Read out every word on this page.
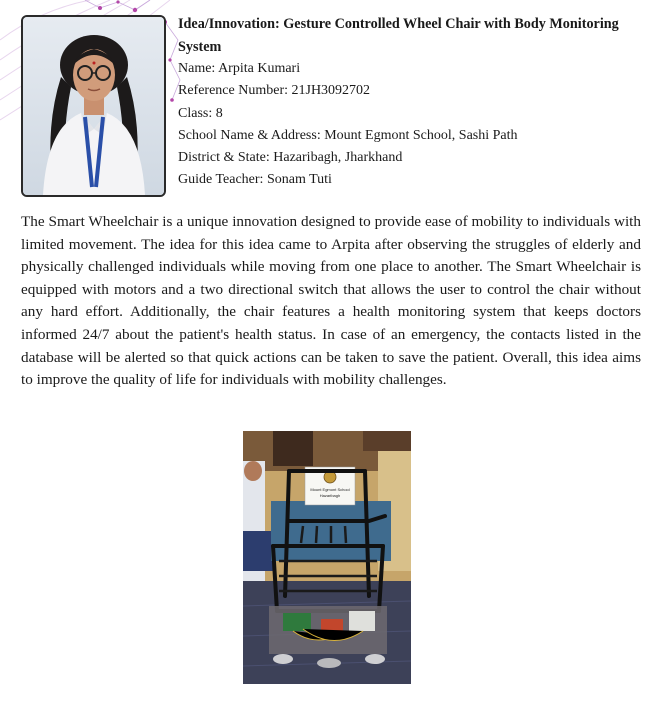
Idea/Innovation: Gesture Controlled Wheel Chair with Body Monitoring System
Name: Arpita Kumari
Reference Number: 21JH3092702
Class: 8
School Name & Address: Mount Egmont School, Sashi Path
District & State: Hazaribagh, Jharkhand
Guide Teacher: Sonam Tuti

The Smart Wheelchair is a unique innovation designed to provide ease of mobility to individuals with limited movement. The idea for this idea came to Arpita after observing the struggles of elderly and physically challenged individuals while moving from one place to another. The Smart Wheelchair is equipped with motors and a two directional switch that allows the user to control the chair without any hard effort. Additionally, the chair features a health monitoring system that keeps doctors informed 24/7 about the patient's health status. In case of an emergency, the contacts listed in the database will be alerted so that quick actions can be taken to save the patient. Overall, this idea aims to improve the quality of life for individuals with mobility challenges.

Mount Egmont School
Hazaribagh
